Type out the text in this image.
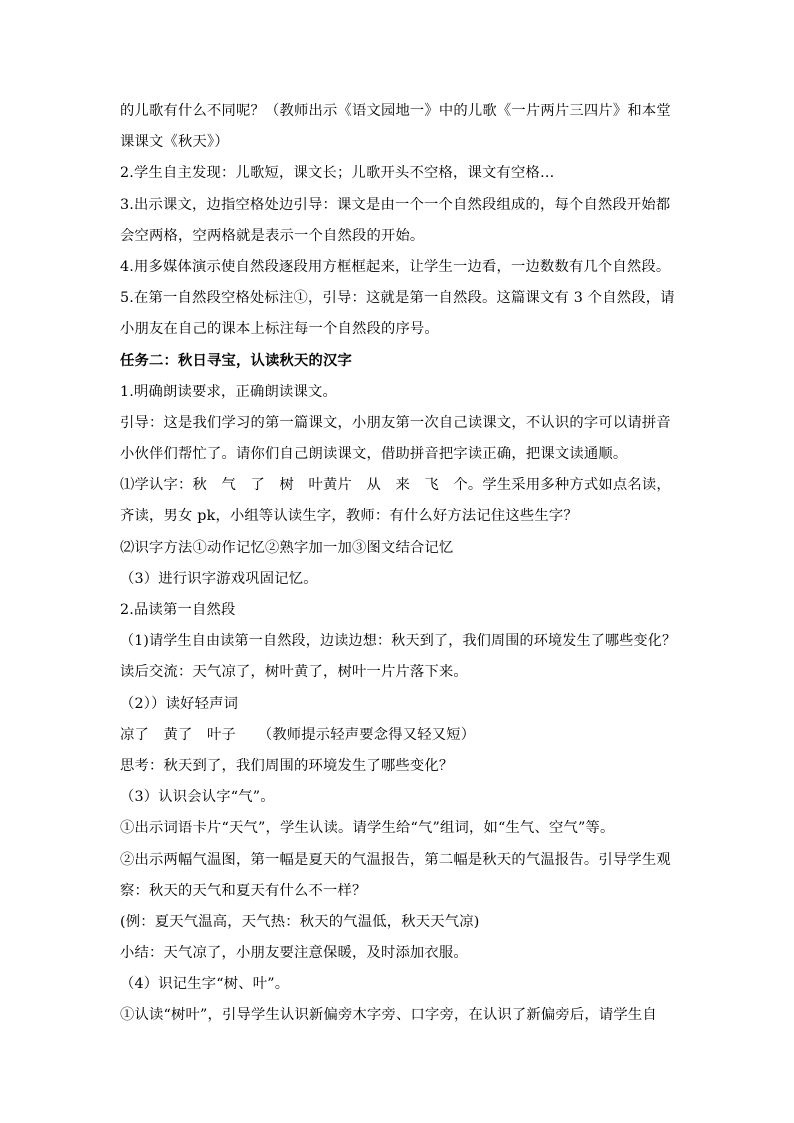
的儿歌有什么不同呢？（教师出示《语文园地一》中的儿歌《一片两片三四片》和本堂
课课文《秋天》）
2.学生自主发现：儿歌短，课文长；儿歌开头不空格，课文有空格…
3.出示课文，边指空格处边引导：课文是由一个一个自然段组成的，每个自然段开始都
会空两格，空两格就是表示一个自然段的开始。
4.用多媒体演示使自然段逐段用方框框起来，让学生一边看，一边数数有几个自然段。
5.在第一自然段空格处标注①，引导：这就是第一自然段。这篇课文有 3 个自然段，请
小朋友在自己的课本上标注每一个自然段的序号。
任务二：秋日寻宝，认读秋天的汉字
1.明确朗读要求，正确朗读课文。
引导：这是我们学习的第一篇课文，小朋友第一次自己读课文，不认识的字可以请拼音
小伙伴们帮忙了。请你们自己朗读课文，借助拼音把字读正确，把课文读通顺。
⑴学认字：秋　气　了　树　叶黄片　从　来　飞　个。学生采用多种方式如点名读，
齐读，男女 pk，小组等认读生字，教师：有什么好方法记住这些生字？
⑵识字方法①动作记忆②熟字加一加③图文结合记忆
（3）进行识字游戏巩固记忆。
2.品读第一自然段
（1)请学生自由读第一自然段，边读边想：秋天到了，我们周围的环境发生了哪些变化？
读后交流：天气凉了，树叶黄了，树叶一片片落下来。
（2））读好轻声词
凉了　黄了　叶子　　（教师提示轻声要念得又轻又短）
思考：秋天到了，我们周围的环境发生了哪些变化？
（3）认识会认字“气”。
①出示词语卡片“天气”，学生认读。请学生给“气”组词，如“生气、空气”等。
②出示两幅气温图，第一幅是夏天的气温报告，第二幅是秋天的气温报告。引导学生观
察：秋天的天气和夏天有什么不一样？
(例：夏天气温高，天气热：秋天的气温低，秋天天气凉)
小结：天气凉了，小朋友要注意保暖，及时添加衣服。
（4）识记生字“树、叶”。
①认读“树叶”，引导学生认识新偏旁木字旁、口字旁，在认识了新偏旁后，请学生自
